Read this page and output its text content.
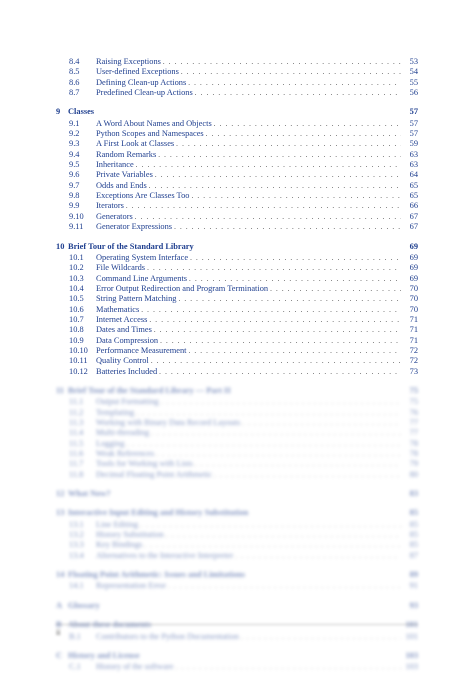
8.4	Raising Exceptions . . .	53
8.5	User-defined Exceptions . . .	54
8.6	Defining Clean-up Actions . . .	55
8.7	Predefined Clean-up Actions . . .	56
9 Classes	57
9.1	A Word About Names and Objects . . .	57
9.2	Python Scopes and Namespaces . . .	57
9.3	A First Look at Classes . . .	59
9.4	Random Remarks . . .	63
9.5	Inheritance . . .	63
9.6	Private Variables . . .	64
9.7	Odds and Ends . . .	65
9.8	Exceptions Are Classes Too . . .	65
9.9	Iterators . . .	66
9.10	Generators . . .	67
9.11	Generator Expressions . . .	67
10 Brief Tour of the Standard Library	69
10.1	Operating System Interface . . .	69
10.2	File Wildcards . . .	69
10.3	Command Line Arguments . . .	69
10.4	Error Output Redirection and Program Termination . . .	70
10.5	String Pattern Matching . . .	70
10.6	Mathematics . . .	70
10.7	Internet Access . . .	71
10.8	Dates and Times . . .	71
10.9	Data Compression . . .	71
10.10 Performance Measurement . . .	72
10.11	Quality Control . . .	72
10.12 Batteries Included . . .	73
11 Brief Tour of the Standard Library — Part II	75
11.1	Output Formatting . . .	75
11.2	Templating . . .	76
11.3	Working with Binary Data Record Layouts . . .	77
11.4	Multi-threading . . .	77
11.5	Logging . . .	78
11.6	Weak References . . .	78
11.7	Tools for Working with Lists . . .	79
11.8	Decimal Floating Point Arithmetic . . .	80
12 What Now?	83
13 Interactive Input Editing and History Substitution	85
13.1	Line Editing . . .	85
13.2	History Substitution . . .	85
13.3	Key Bindings . . .	85
13.4	Alternatives to the Interactive Interpreter . . .	87
14 Floating Point Arithmetic: Issues and Limitations	89
14.1	Representation Error . . .	91
A Glossary	93
B About these documents	101
B.1	Contributors to the Python Documentation . . .	101
C History and License	103
C.1	History of the software . . .	103
ii
